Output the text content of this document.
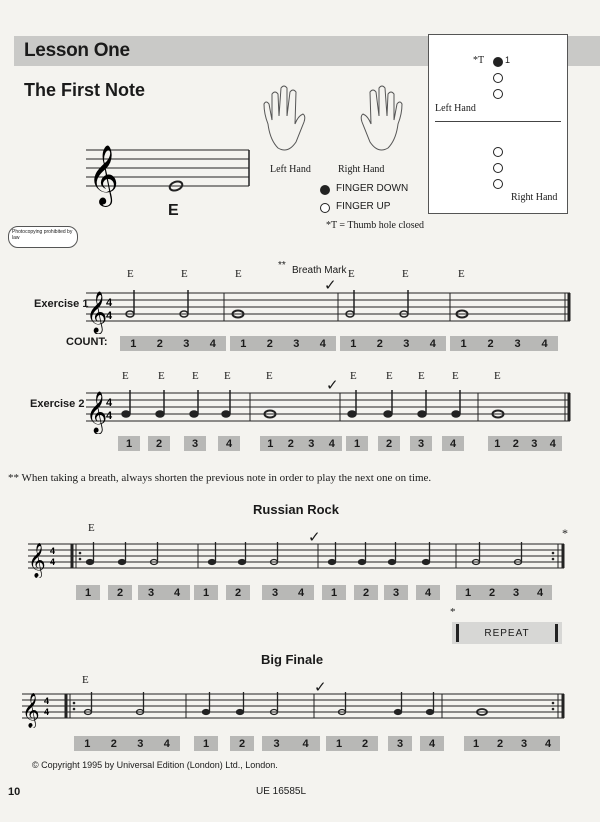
Lesson One
The First Note
*T 1
Left Hand
Right Hand
𝄞
E
Left Hand	Right Hand
FINGER DOWN
FINGER UP
*T = Thumb hole closed
Photocopying prohibited by law
** Breath Mark
✓
E	E	E	E	E	E
Exercise 1
𝄞
4
4
COUNT:	1	2	3	4	1	2	3	4	1	2	3	4	1	2	3	4
✓
E	E E E	E	E	E E E	E
Exercise 2 𝄞
4
4
1	2	3	4	1	2	3	4	1	2	3	4	1	2	3	4
** When taking a breath, always shorten the previous note in order to play the next one on time.
Russian Rock
E
✓	*
𝄞 4
4
1	2	3	4	1	2	3	4	1	2	3	4	1	2	3	4
*
REPEAT
Big Finale
E	✓
𝄞 4
4
1	2	3	4	1	2	3	4	1	2	3	4	1	2	3	4
© Copyright 1995 by Universal Edition (London) Ltd., London.
10	UE 16585L
